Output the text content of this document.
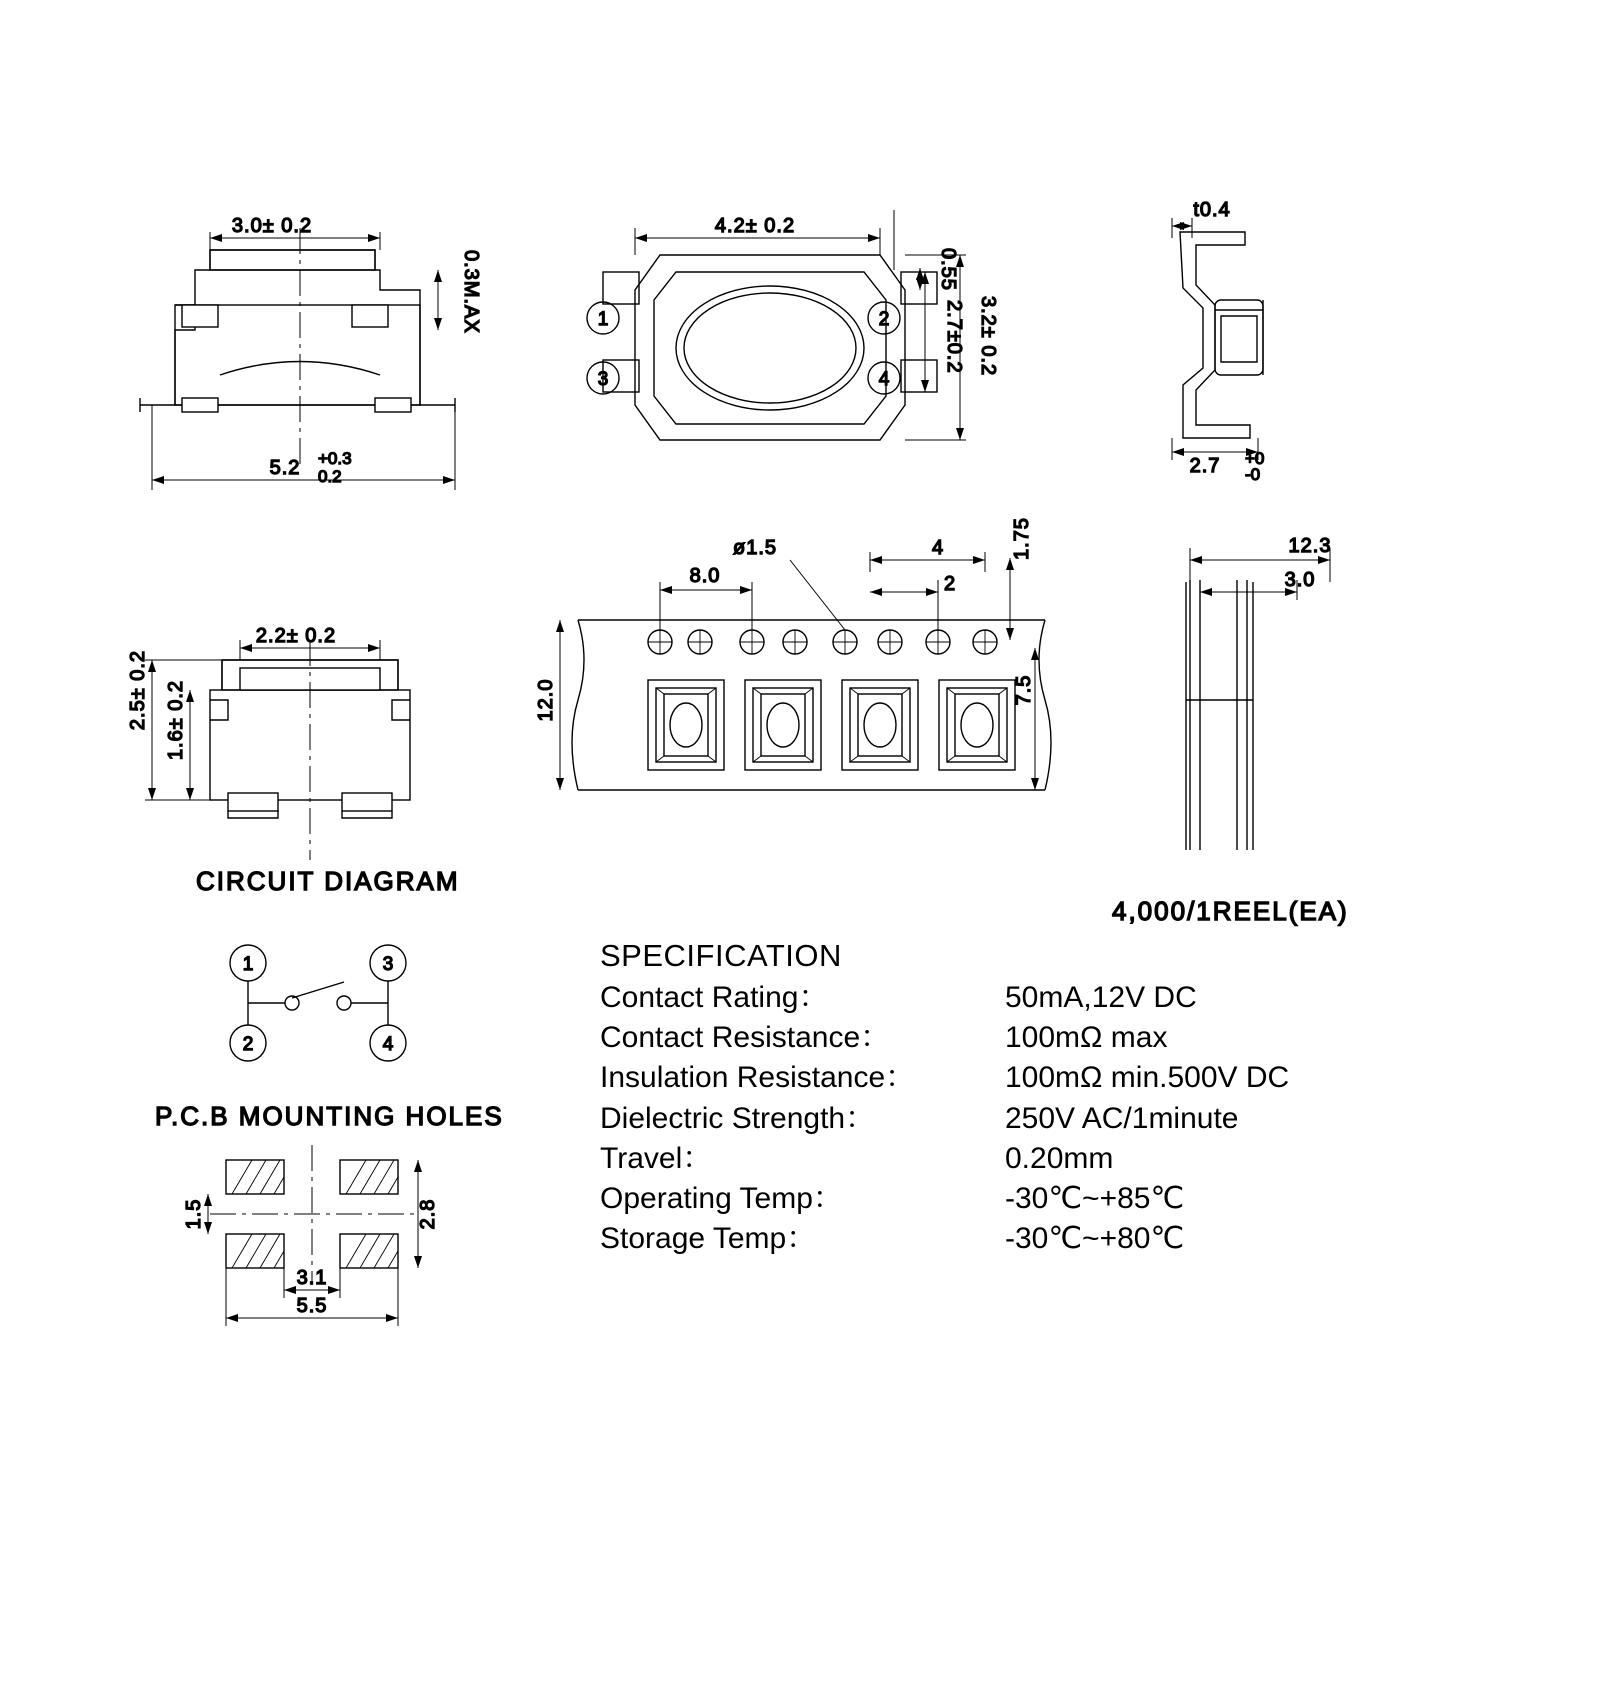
3.0± 0.2
0.3M.AX
5.2 +0.3
0.2
4.2± 0.2
0.55
2.7±0.2 3.2± 0.2
1	2
3	4
t0.4
2.7 +0
-0
2.2± 0.2
2.5± 0.2 1.6± 0.2
8.0
ø1.5	4
2
1.75
12.0	7.5
12.3
3.0
4,000/1REEL(EA)
CIRCUIT DIAGRAM
1	3
2	4
P.C.B MOUNTING HOLES
1.5	2.8
3.1
5.5
SPECIFICATION
Contact Rating：	50mA,12V DC
Contact Resistance：	100mΩ max
Insulation Resistance：	100mΩ min.500V DC
Dielectric Strength：	250V AC/1minute
Travel：	0.20mm
Operating Temp：	-30℃~+85℃
Storage Temp：	-30℃~+80℃
